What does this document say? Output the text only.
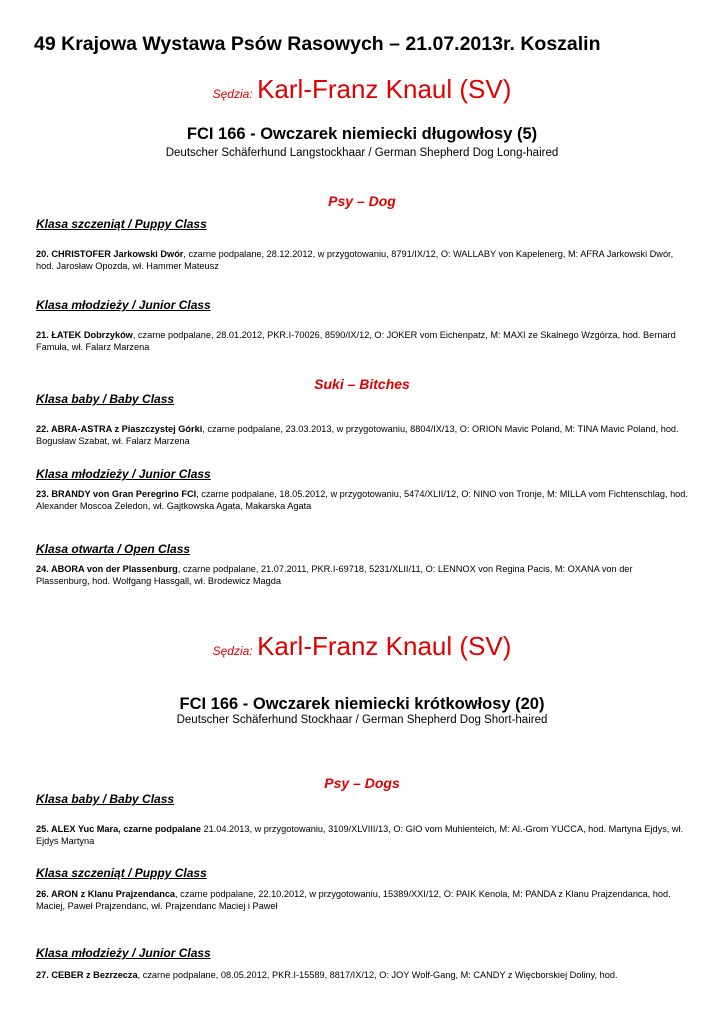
49 Krajowa Wystawa Psów Rasowych – 21.07.2013r. Koszalin
Sędzia: Karl-Franz Knaul (SV)
FCI 166 - Owczarek niemiecki długowłosy (5)
Deutscher Schäferhund Langstockhaar / German Shepherd Dog Long-haired
Psy – Dog
Klasa szczeniąt / Puppy Class
20. CHRISTOFER Jarkowski Dwór, czarne podpalane, 28.12.2012, w przygotowaniu, 8791/IX/12, O: WALLABY von Kapelenerg, M: AFRA Jarkowski Dwór, hod. Jarosław Opozda, wł. Hammer Mateusz
Klasa młodzieży / Junior Class
21. ŁATEK Dobrzyków, czarne podpalane, 28.01.2012, PKR.I-70026, 8590/IX/12, O: JOKER vom Eichenpatz, M: MAXI ze Skalnego Wzgórza, hod. Bernard Famuła, wł. Falarz Marzena
Suki – Bitches
Klasa baby / Baby Class
22. ABRA-ASTRA z Piaszczystej Górki, czarne podpalane, 23.03.2013, w przygotowaniu, 8804/IX/13, O: ORION Mavic Poland, M: TINA Mavic Poland, hod. Bogusław Szabat, wł. Falarz Marzena
Klasa młodzieży / Junior Class
23. BRANDY von Gran Peregrino FCI, czarne podpalane, 18.05.2012, w przygotowaniu, 5474/XLII/12, O: NINO von Tronje, M: MILLA vom Fichtenschlag, hod. Alexander Moscoa Zeledon, wł. Gajtkowska Agata, Makarska Agata
Klasa otwarta / Open Class
24. ABORA von der Plassenburg, czarne podpalane, 21.07.2011, PKR.I-69718, 5231/XLII/11, O: LENNOX von Regina Pacis, M: OXANA von der Plassenburg, hod. Wolfgang Hassgall, wł. Brodewicz Magda
Sędzia: Karl-Franz Knaul (SV)
FCI 166 - Owczarek niemiecki krótkowłosy (20)
Deutscher Schäferhund Stockhaar / German Shepherd Dog Short-haired
Psy – Dogs
Klasa baby / Baby Class
25. ALEX Yuc Mara, czarne podpalane 21.04.2013, w przygotowaniu, 3109/XLVIII/13, O: GIO vom Muhlenteich, M: Al.-Grom YUCCA, hod. Martyna Ejdys, wł. Ejdys Martyna
Klasa szczeniąt / Puppy Class
26. ARON z Klanu Prajzendanca, czarne podpalane, 22.10.2012, w przygotowaniu, 15389/XXI/12, O: PAIK Kenola, M: PANDA z Klanu Prajzendanca, hod. Maciej, Paweł Prajzendanc, wł. Prajzendanc Maciej i Paweł
Klasa młodzieży / Junior Class
27. CEBER z Bezrzecza, czarne podpalane, 08.05.2012, PKR.I-15589, 8817/IX/12, O: JOY Wolf-Gang, M: CANDY z Więcborskiej Doliny, hod.
